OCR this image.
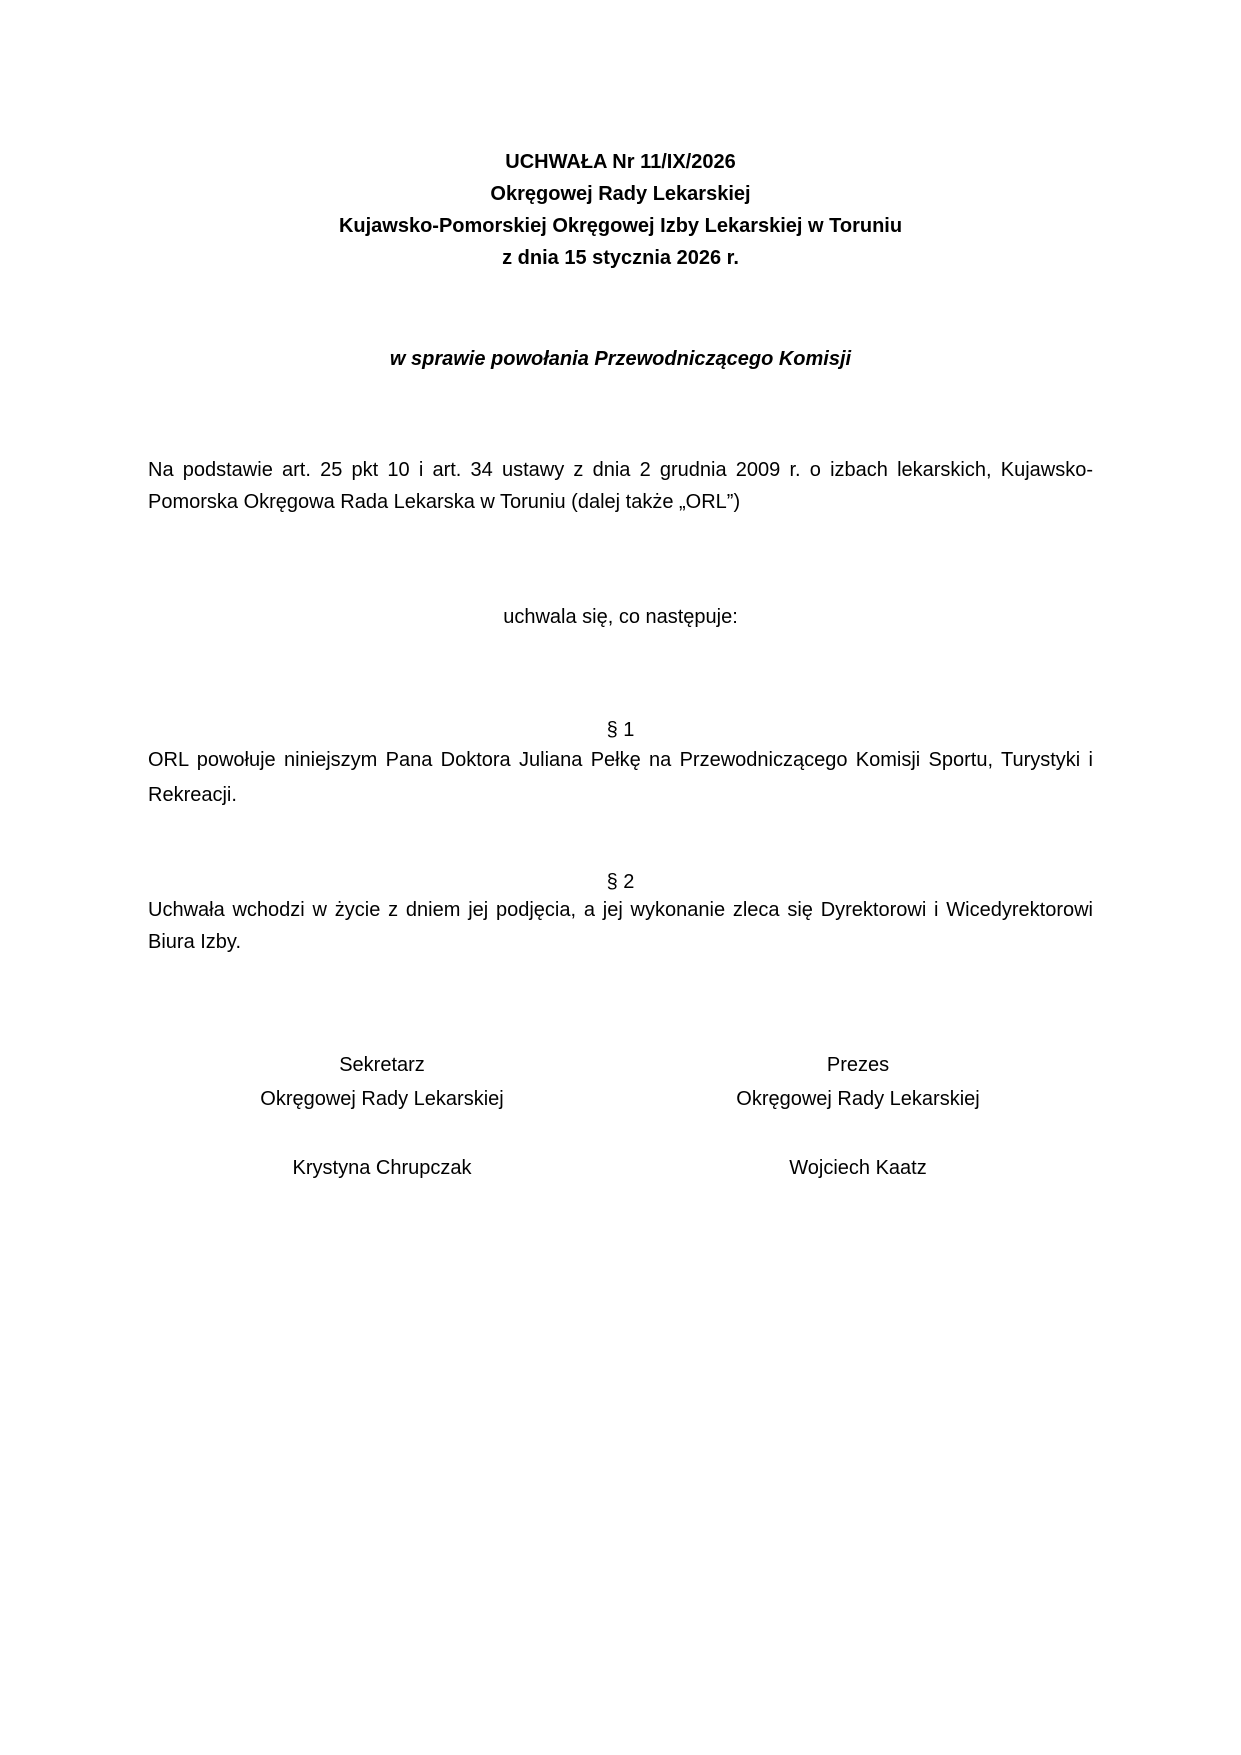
UCHWAŁA Nr 11/IX/2026
Okręgowej Rady Lekarskiej
Kujawsko-Pomorskiej Okręgowej Izby Lekarskiej w Toruniu
z dnia 15 stycznia 2026 r.
w sprawie powołania Przewodniczącego Komisji
Na podstawie art. 25 pkt 10 i art. 34 ustawy z dnia 2 grudnia 2009 r. o izbach lekarskich, Kujawsko-Pomorska Okręgowa Rada Lekarska w Toruniu (dalej także „ORL”)
uchwala się, co następuje:
§ 1
ORL powołuje niniejszym Pana Doktora Juliana Pełkę na Przewodniczącego Komisji Sportu, Turystyki i Rekreacji.
§ 2
Uchwała wchodzi w życie z dniem jej podjęcia, a jej wykonanie zleca się Dyrektorowi i Wicedyrektorowi Biura Izby.
Sekretarz
Okręgowej Rady Lekarskiej
Krystyna Chrupczak
Prezes
Okręgowej Rady Lekarskiej
Wojciech Kaatz
